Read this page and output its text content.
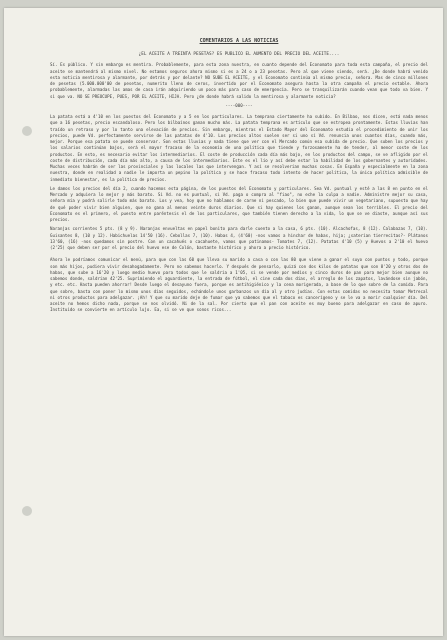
COMENTARIOS A LAS NOTICIAS
¿EL ACEITE A TREINTA PESETAS? ES PUBLICO EL AUMENTO DEL PRECIO DEL ACEITE....
Sí. Es público. Y sin embargo es mentira. Probablemente, para esta zona nuestra, en cuanto depende del Economato para toda esta campaña, el precio del aceite se mantendrá al mismo nivel. No estamos seguros ahora mismo si es a 24 o a 23 pesetas. Pero al que viene siendo, será. ¿De donde habrá venido esta noticia mentirosa y alarmante, por detrás y por delante? NO SUBE EL ACEITE, y el Economato continúa al mismo precio, señora. Mas de cinco millones de pesetas (5.000.000'00 de pesetas, numerito lleno de ceros, invertido por el Economato asegura hasta la otra campaña el precio estable. Ahora probablemente, alarmadas las amas de casa irán adquiriendo un poco más para caso de emergencia. Pero se tranquilizarán cuando vean que todo va bien. Y si que va. NO SE PREOCUPE, PUES, POR EL ACEITE, HIJA. Pero ¿de donde habrá salido la mentirosa y alarmante noticia?
----000----
La patata está a 4'10 en los puestos del Economato y a 5 en los particulares. La temprana ciertamente ha subido. En Bilbao, nos dicen, está nada menos que a 16 pesetas, precio escandaloso. Pero los bilbaínos ganan mucho más. La patata temprana es artículo que se estropea prontamente. Estas lluvias han traído un retraso y por lo tanto una elevación de precios. Sin embargo, mientras el Estado Mayor del Economato estudia el procedimiento de unir los precios, puede Vd. perfectamente servirse de las patatas de 4'10. Los precios altos suelen ser si uno sí Vd. renuncia unos cuantos días, cuando más, mejor. Porque esa patata se puede conservar. Son estas lluvias y nada tiene que ver con el Mercado común esa subida de precio. Que suben los precios y los salarios continúan bajos, será el mayor fracaso de la economía de una política que tiende y forzosamente ha de tender, al menor coste de los productos. En esto, es necesario evitar los intermediarios. El coste de producción cada día más bajo, en los productos del campo, se ve afligido por el coste de distribución, cada día más alto, a causa de los intermediarios. Este es el lío y así debe estar la habilidad de los gobernantes y autoridades. Muchas veces habrán de ser las provinciales y las locales las que intervengan. Y así se resolverían muchas cosas. En España y especialmente en la zona nuestra, donde en realidad a nadie le importa un pepino la política y se hace fracaso todo intento de hacer política, la única política admisible de inmediato bienestar, es la política de precios.
Le damos los precios del día 2, cuando hacemos esta página, de los puestos del Economato y particulares. Sea Vd. puntual y esté a las 8 en punto en el Mercado y adquiera lo mejor y más barato. Si Vd. no es puntual, si Vd. paga o compra al "fiao", no eche la culpa a nadie. Admínistre mejor su casa, señora mía y podrá salirle todo más barato. Los y vea, hoy que no hablamos de carne ni pescado, lo bien que puede vivir un vegetariano, supuesto que hay de qué poder vivir bien alguien, que no gana al menos veinte duros diarios. Que si hay quienes los ganan, aunque sean los terribles. El precio del Economato es el primero, el puesto entre paréntesis el de los particulares, que también tienen derecho a la vida, lo que se ve diaste, aunque así sus precios.
Naranjas corrientes 5 pts. (8 y 9). Naranjas envueltas en papel bonito para darle cuento a la casa, 6 pts. (10). Alcachofas, 8 (12). Calabazas 7, (10). Guisantes 8, (10 y 12). Habichuelas 14'50 (16). Cebollas 7, (10). Habas 4, (4'60) -nos vamos a hinchar de habas, hija; ¿saterían tierrecitas?- Plátanos 13'60, (16) -nos quedamos sin postre. Con un cacahués o cacahuete, vamos que patinamos- Tomates 7, (12). Patatas 4'10 (5) y Huevos a 2'10 el huevo (2'25) que deben ser por el precio del huevo ese de Colón, bastante histórico y ahora a precio histórico.
Ahora le podríamos comunicar el menú, para que con las 60 que lleva su marido a casa o con las 80 que viene a ganar el suyo con puntos y todo, porque son más hijos, pudiera vivir desahogadamente. Pero no sabemos hacerlo. Y después de pensarlo, quizá con dos kilos de patatas que son 8'20 y otros dos de habas, que sube a 16'20 y luego medio huevo para todos que le saldría a 1'05, si se vende por medios y cinco duros de pan para mejor bien aunque no sabemos donde, saldrían 42'25. Suprimiendo el aguardiente, la entrada de fútbol, el cine cada dos días, el arreglo de los zapatos, lavándose sin jabón, y etc. etc. Hasta pueden ahorrar! Desde luego el desayuno fuera, porque es antihigiénico y la cena morigerada, a base de lo que sobre de la comida. Para que sobre, basta con poner lo mismo unos días seguidos, echándole unos garbanzos un día al y otro judías. Con estas comidas no necesita tomar Metrecal ni otros productos para adelgazar. ¡Ah! Y que su marido deje de fumar que ya sabemos que el tabaco es cancerígeno y se le va a morir cualquier día. Del aceite no hemos dicho nada, porque se nos olvidó. Ni de la sal. Por cierto que el pan con aceite es muy bueno para adelgazar en caso de apuro. Instituido se convierte en artículo lujo. Ea, si se ve que sonos ricos...
